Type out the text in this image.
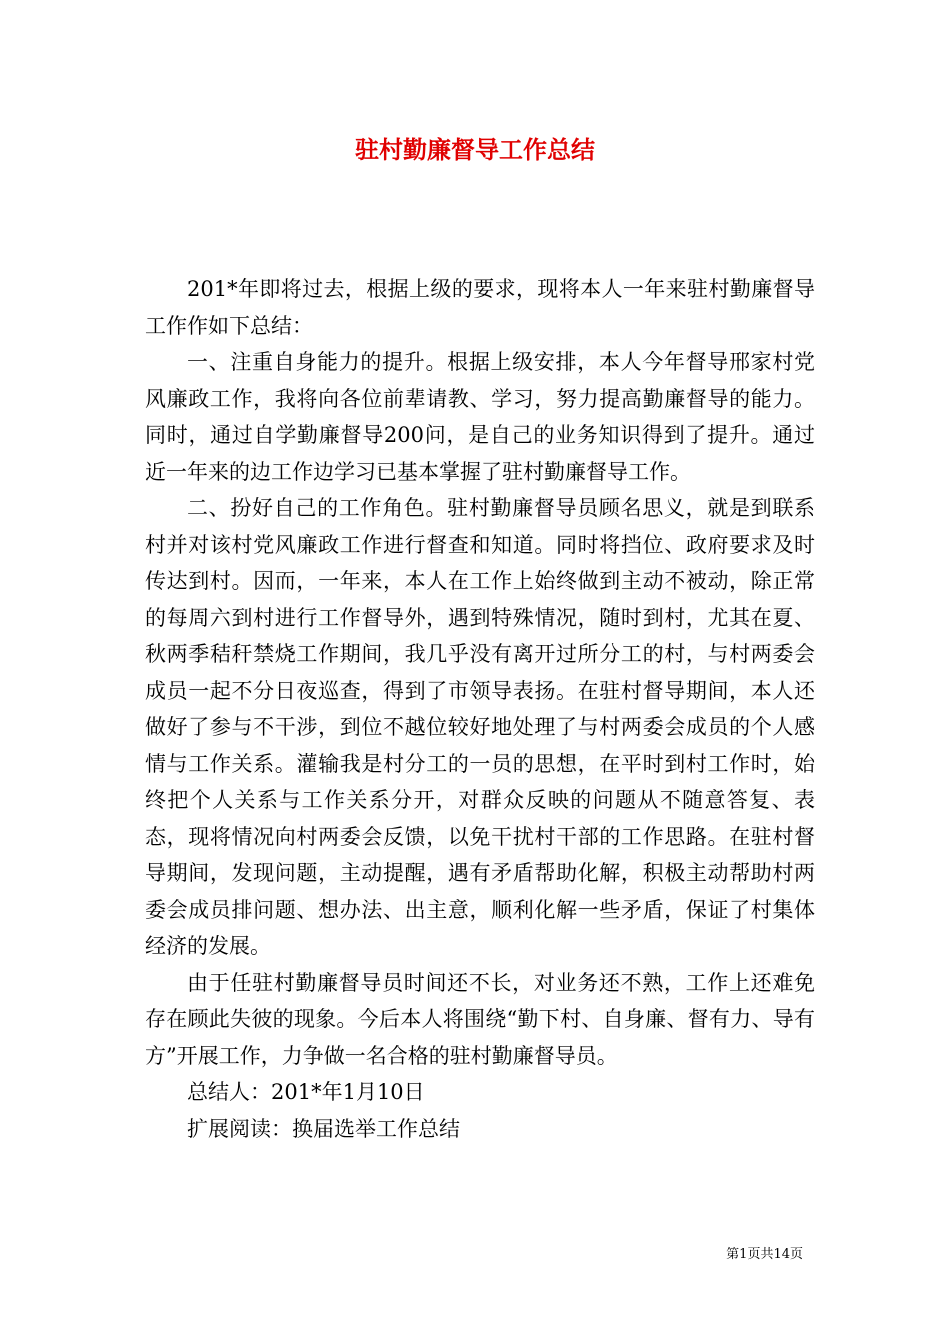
驻村勤廉督导工作总结

201*年即将过去，根据上级的要求，现将本人一年来驻村勤廉督导工作作如下总结：

一、注重自身能力的提升。根据上级安排，本人今年督导邢家村党风廉政工作，我将向各位前辈请教、学习，努力提高勤廉督导的能力。同时，通过自学勤廉督导200问，是自己的业务知识得到了提升。通过近一年来的边工作边学习已基本掌握了驻村勤廉督导工作。

二、扮好自己的工作角色。驻村勤廉督导员顾名思义，就是到联系村并对该村党风廉政工作进行督查和知道。同时将挡位、政府要求及时传达到村。因而，一年来，本人在工作上始终做到主动不被动，除正常的每周六到村进行工作督导外，遇到特殊情况，随时到村，尤其在夏、秋两季秸秆禁烧工作期间，我几乎没有离开过所分工的村，与村两委会成员一起不分日夜巡查，得到了市领导表扬。在驻村督导期间，本人还做好了参与不干涉，到位不越位较好地处理了与村两委会成员的个人感情与工作关系。灌输我是村分工的一员的思想，在平时到村工作时，始终把个人关系与工作关系分开，对群众反映的问题从不随意答复、表态，现将情况向村两委会反馈，以免干扰村干部的工作思路。在驻村督导期间，发现问题，主动提醒，遇有矛盾帮助化解，积极主动帮助村两委会成员排问题、想办法、出主意，顺利化解一些矛盾，保证了村集体经济的发展。

由于任驻村勤廉督导员时间还不长，对业务还不熟，工作上还难免存在顾此失彼的现象。今后本人将围绕“勤下村、自身廉、督有力、导有方”开展工作，力争做一名合格的驻村勤廉督导员。

总结人：201*年1月10日

扩展阅读：换届选举工作总结

第1页共14页
